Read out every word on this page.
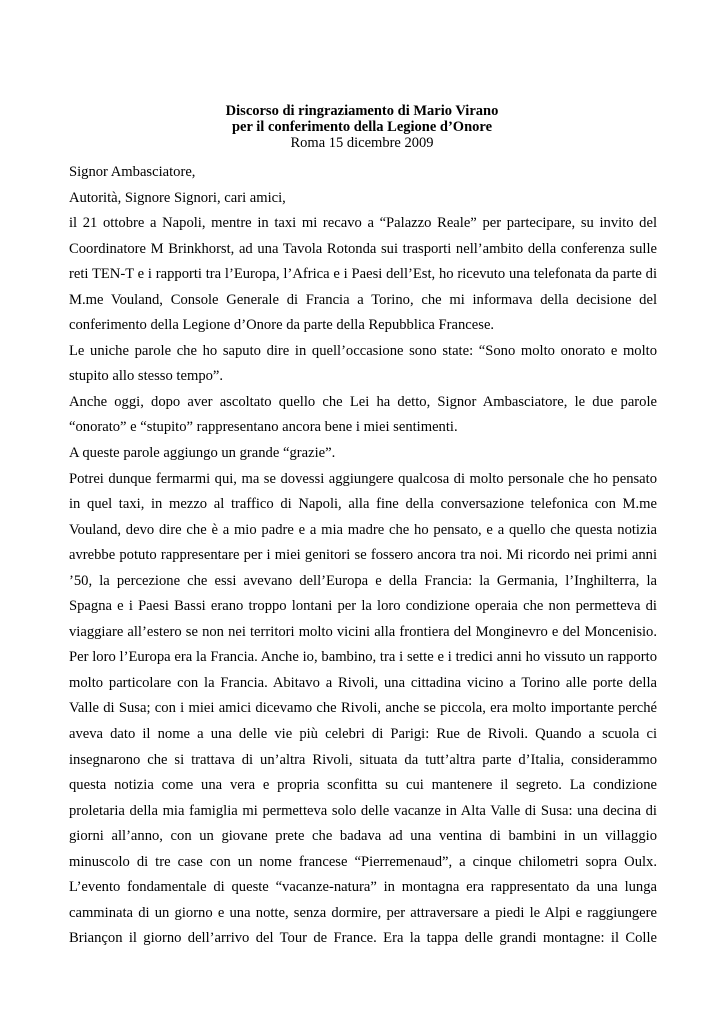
Discorso di ringraziamento di Mario Virano
per il conferimento della Legione d’Onore
Roma 15 dicembre 2009

Signor Ambasciatore,

Autorità, Signore Signori, cari amici,

il 21 ottobre a Napoli, mentre in taxi mi recavo a “Palazzo Reale” per partecipare, su invito del Coordinatore M Brinkhorst, ad una Tavola Rotonda sui trasporti nell’ambito della conferenza sulle reti TEN-T e i rapporti tra l’Europa, l’Africa e i Paesi dell’Est, ho ricevuto una telefonata da parte di M.me Vouland, Console Generale di Francia a Torino, che mi informava della decisione del conferimento della Legione d’Onore da parte della Repubblica Francese.

Le uniche parole che ho saputo dire in quell’occasione sono state: “Sono molto onorato e molto stupito allo stesso tempo”.

Anche oggi, dopo aver ascoltato quello che Lei ha detto, Signor Ambasciatore, le due parole “onorato” e “stupito” rappresentano ancora bene i miei sentimenti.

A queste parole aggiungo un grande “grazie”.

Potrei dunque fermarmi qui, ma se dovessi aggiungere qualcosa di molto personale che ho pensato in quel taxi, in mezzo al traffico di Napoli, alla fine della conversazione telefonica con M.me Vouland, devo dire che è a mio padre e a mia madre che ho pensato, e a quello che questa notizia avrebbe potuto rappresentare per i miei genitori se fossero ancora tra noi. Mi ricordo nei primi anni ’50, la percezione che essi avevano dell’Europa e della Francia: la Germania, l’Inghilterra, la Spagna e i Paesi Bassi erano troppo lontani per la loro condizione operaia che non permetteva di viaggiare all’estero se non nei territori molto vicini alla frontiera del Monginevro e del Moncenisio. Per loro l’Europa era la Francia. Anche io, bambino, tra i sette e i tredici anni ho vissuto un rapporto molto particolare con la Francia. Abitavo a Rivoli, una cittadina vicino a Torino alle porte della Valle di Susa; con i miei amici dicevamo che Rivoli, anche se piccola, era molto importante perché aveva dato il nome a una delle vie più celebri di Parigi: Rue de Rivoli. Quando a scuola ci insegnarono che si trattava di un’altra Rivoli, situata da tutt’altra parte d’Italia, considerammo questa notizia come una vera e propria sconfitta su cui mantenere il segreto. La condizione proletaria della mia famiglia mi permetteva solo delle vacanze in Alta Valle di Susa: una decina di giorni all’anno, con un giovane prete che badava ad una ventina di bambini in un villaggio minuscolo di tre case con un nome francese “Pierremenaud”, a cinque chilometri sopra Oulx. L’evento fondamentale di queste “vacanze-natura” in montagna era rappresentato da una lunga camminata di un giorno e una notte, senza dormire, per attraversare a piedi le Alpi e raggiungere Briançon il giorno dell’arrivo del Tour de France. Era la tappa delle grandi montagne: il Colle
